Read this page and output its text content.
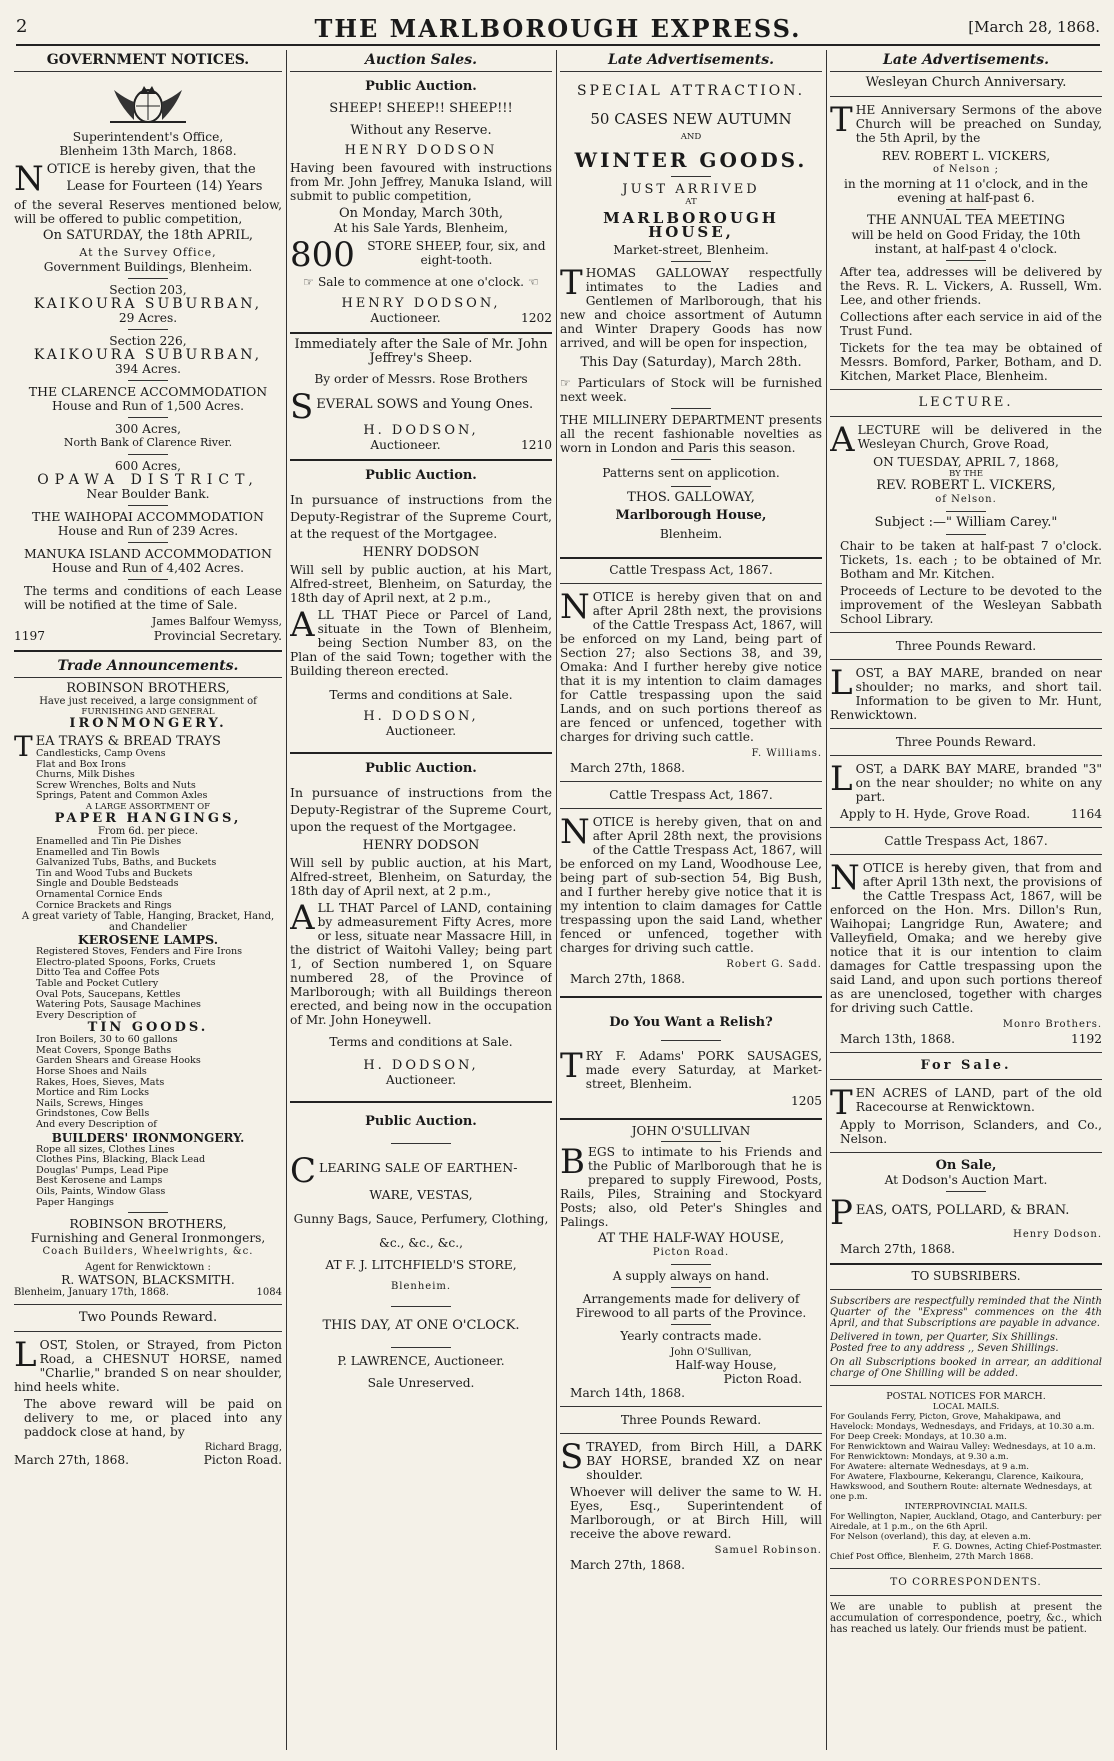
2	THE MARLBOROUGH EXPRESS.	[March 28, 1868.
GOVERNMENT NOTICES.
Superintendent's Office,
Blenheim 13th March, 1868.
N OTICE is hereby given, that the
Lease for Fourteen (14) Years
of the several Reserves mentioned below, will be offered to public competition,
On SATURDAY, the 18th APRIL,
At the Survey Office,
Government Buildings, Blenheim.
Section 203,
KAIKOURA SUBURBAN,
29 Acres.
Section 226,
KAIKOURA SUBURBAN,
394 Acres.
THE CLARENCE ACCOMMODATION
House and Run of 1,500 Acres.
300 Acres,
North Bank of Clarence River.
600 Acres,
OPAWA DISTRICT,
Near Boulder Bank.
THE WAIHOPAI ACCOMMODATION
House and Run of 239 Acres.
MANUKA ISLAND ACCOMMODATION
House and Run of 4,402 Acres.
The terms and conditions of each Lease will be notified at the time of Sale.
James Balfour Wemyss,
1197	Provincial Secretary.
Trade Announcements.
ROBINSON BROTHERS,
Have just received, a large consignment of
FURNISHING AND GENERAL
IRONMONGERY.
T EA TRAYS & BREAD TRAYS
Candlesticks, Camp Ovens
Flat and Box Irons
Churns, Milk Dishes
Screw Wrenches, Bolts and Nuts
Springs, Patent and Common Axles
A LARGE ASSORTMENT OF
PAPER HANGINGS,
From 6d. per piece.
Enamelled and Tin Pie Dishes
Enamelled and Tin Bowls
Galvanized Tubs, Baths, and Buckets
Tin and Wood Tubs and Buckets
Single and Double Bedsteads
Ornamental Cornice Ends
Cornice Brackets and Rings
A great variety of Table, Hanging, Bracket, Hand, and Chandelier
KEROSENE LAMPS.
Registered Stoves, Fenders and Fire Irons
Electro-plated Spoons, Forks, Cruets
Ditto Tea and Coffee Pots
Table and Pocket Cutlery
Oval Pots, Saucepans, Kettles
Watering Pots, Sausage Machines
Every Description of
TIN GOODS.
Iron Boilers, 30 to 60 gallons
Meat Covers, Sponge Baths
Garden Shears and Grease Hooks
Horse Shoes and Nails
Rakes, Hoes, Sieves, Mats
Mortice and Rim Locks
Nails, Screws, Hinges
Grindstones, Cow Bells
And every Description of
BUILDERS' IRONMONGERY.
Rope all sizes, Clothes Lines
Clothes Pins, Blacking, Black Lead
Douglas' Pumps, Lead Pipe
Best Kerosene and Lamps
Oils, Paints, Window Glass
Paper Hangings
ROBINSON BROTHERS,
Furnishing and General Ironmongers,
Coach Builders, Wheelwrights, &c.
Agent for Renwicktown :
R. WATSON, BLACKSMITH.
Blenheim, January 17th, 1868.	1084
Two Pounds Reward.
L OST, Stolen, or Strayed, from Picton Road, a CHESNUT HORSE, named "Charlie," branded S on near shoulder, hind heels white.
The above reward will be paid on delivery to me, or placed into any paddock close at hand, by
Richard Bragg,
March 27th, 1868.	Picton Road.
Auction Sales.
Public Auction.
SHEEP! SHEEP!! SHEEP!!!
Without any Reserve.
HENRY DODSON
Having been favoured with instructions from Mr. John Jeffrey, Manuka Island, will submit to public competition,
On Monday, March 30th,
At his Sale Yards, Blenheim,
800	STORE SHEEP, four, six, and eight-tooth.
☞ Sale to commence at one o'clock. ☜
HENRY DODSON,
Auctioneer.	1202
Immediately after the Sale of Mr. John Jeffrey's Sheep.
By order of Messrs. Rose Brothers
S EVERAL SOWS and Young Ones.
H. DODSON,
Auctioneer.	1210
Public Auction.
In pursuance of instructions from the Deputy-Registrar of the Supreme Court, at the request of the Mortgagee.
HENRY DODSON
Will sell by public auction, at his Mart, Alfred-street, Blenheim, on Saturday, the 18th day of April next, at 2 p.m.,
A LL THAT Piece or Parcel of Land, situate in the Town of Blenheim, being Section Number 83, on the Plan of the said Town; together with the Building thereon erected.
Terms and conditions at Sale.
H. DODSON,
Auctioneer.
Public Auction.
In pursuance of instructions from the Deputy-Registrar of the Supreme Court, upon the request of the Mortgagee.
HENRY DODSON
Will sell by public auction, at his Mart, Alfred-street, Blenheim, on Saturday, the 18th day of April next, at 2 p.m.,
A LL THAT Parcel of LAND, containing by admeasurement Fifty Acres, more or less, situate near Massacre Hill, in the district of Waitohi Valley; being part 1, of Section numbered 1, on Square numbered 28, of the Province of Marlborough; with all Buildings thereon erected, and being now in the occupation of Mr. John Honeywell.
Terms and conditions at Sale.
H. DODSON,
Auctioneer.
Public Auction.
C LEARING SALE OF EARTHEN-
WARE, VESTAS,
Gunny Bags, Sauce, Perfumery, Clothing,
&c., &c., &c.,
AT F. J. LITCHFIELD'S STORE,
Blenheim.
THIS DAY, AT ONE O'CLOCK.
P. LAWRENCE, Auctioneer.
Sale Unreserved.
Late Advertisements.
SPECIAL ATTRACTION.
50 CASES NEW AUTUMN
AND
WINTER GOODS.
JUST ARRIVED
AT
MARLBOROUGH HOUSE,
Market-street, Blenheim.
T HOMAS GALLOWAY respectfully intimates to the Ladies and Gentlemen of Marlborough, that his new and choice assortment of Autumn and Winter Drapery Goods has now arrived, and will be open for inspection,
This Day (Saturday), March 28th.
☞ Particulars of Stock will be furnished next week.
THE MILLINERY DEPARTMENT presents all the recent fashionable novelties as worn in London and Paris this season.
Patterns sent on applicotion.
THOS. GALLOWAY,
Marlborough House,
Blenheim.
Cattle Trespass Act, 1867.
N OTICE is hereby given that on and after April 28th next, the provisions of the Cattle Trespass Act, 1867, will be enforced on my Land, being part of Section 27; also Sections 38, and 39, Omaka: And I further hereby give notice that it is my intention to claim damages for Cattle trespassing upon the said Lands, and on such portions thereof as are fenced or unfenced, together with charges for driving such cattle.
F. Williams.
March 27th, 1868.
Cattle Trespass Act, 1867.
N OTICE is hereby given, that on and after April 28th next, the provisions of the Cattle Trespass Act, 1867, will be enforced on my Land, Woodhouse Lee, being part of sub-section 54, Big Bush, and I further hereby give notice that it is my intention to claim damages for Cattle trespassing upon the said Land, whether fenced or unfenced, together with charges for driving such cattle.
Robert G. Sadd.
March 27th, 1868.
Do You Want a Relish?
T RY F. Adams' PORK SAUSAGES, made every Saturday, at Market-street, Blenheim.
1205
JOHN O'SULLIVAN
B EGS to intimate to his Friends and the Public of Marlborough that he is prepared to supply Firewood, Posts, Rails, Piles, Straining and Stockyard Posts; also, old Peter's Shingles and Palings.
AT THE HALF-WAY HOUSE,
Picton Road.
A supply always on hand.
Arrangements made for delivery of Firewood to all parts of the Province.
Yearly contracts made.
John O'Sullivan,
Half-way House,
Picton Road.
March 14th, 1868.
Three Pounds Reward.
S TRAYED, from Birch Hill, a DARK BAY HORSE, branded XZ on near shoulder.
Whoever will deliver the same to W. H. Eyes, Esq., Superintendent of Marlborough, or at Birch Hill, will receive the above reward.
Samuel Robinson.
March 27th, 1868.
Late Advertisements.
Wesleyan Church Anniversary.
T HE Anniversary Sermons of the above Church will be preached on Sunday, the 5th April, by the
REV. ROBERT L. VICKERS,
of Nelson ;
in the morning at 11 o'clock, and in the evening at half-past 6.
THE ANNUAL TEA MEETING
will be held on Good Friday, the 10th instant, at half-past 4 o'clock.
After tea, addresses will be delivered by the Revs. R. L. Vickers, A. Russell, Wm. Lee, and other friends.
Collections after each service in aid of the Trust Fund.
Tickets for the tea may be obtained of Messrs. Bomford, Parker, Botham, and D. Kitchen, Market Place, Blenheim.
LECTURE.
A LECTURE will be delivered in the Wesleyan Church, Grove Road,
ON TUESDAY, APRIL 7, 1868,
BY THE
REV. ROBERT L. VICKERS,
of Nelson.
Subject :—" William Carey."
Chair to be taken at half-past 7 o'clock. Tickets, 1s. each ; to be obtained of Mr. Botham and Mr. Kitchen.
Proceeds of Lecture to be devoted to the improvement of the Wesleyan Sabbath School Library.
Three Pounds Reward.
L OST, a BAY MARE, branded on near shoulder; no marks, and short tail. Information to be given to Mr. Hunt, Renwicktown.
Three Pounds Reward.
L OST, a DARK BAY MARE, branded "3" on the near shoulder; no white on any part.
Apply to H. Hyde, Grove Road.	1164
Cattle Trespass Act, 1867.
N OTICE is hereby given, that from and after April 13th next, the provisions of the Cattle Trespass Act, 1867, will be enforced on the Hon. Mrs. Dillon's Run, Waihopai; Langridge Run, Awatere; and Valleyfield, Omaka; and we hereby give notice that it is our intention to claim damages for Cattle trespassing upon the said Land, and upon such portions thereof as are unenclosed, together with charges for driving such Cattle.
Monro Brothers.
March 13th, 1868.	1192
For Sale.
T EN ACRES of LAND, part of the old Racecourse at Renwicktown.
Apply to Morrison, Sclanders, and Co., Nelson.
On Sale,
At Dodson's Auction Mart.
P EAS, OATS, POLLARD, & BRAN.
Henry Dodson.
March 27th, 1868.
TO SUBSRIBERS.
Subscribers are respectfully reminded that the Ninth Quarter of the "Express" commences on the 4th April, and that Subscriptions are payable in advance.
Delivered in town, per Quarter, Six Shillings.
Posted free to any address ,, Seven Shillings.
On all Subscriptions booked in arrear, an additional charge of One Shilling will be added.
POSTAL NOTICES FOR MARCH.
LOCAL MAILS.
For Goulands Ferry, Picton, Grove, Mahakipawa, and Havelock: Mondays, Wednesdays, and Fridays, at 10.30 a.m.
For Deep Creek: Mondays, at 10.30 a.m.
For Renwicktown and Wairau Valley: Wednesdays, at 10 a.m.
For Renwicktown: Mondays, at 9.30 a.m.
For Awatere: alternate Wednesdays, at 9 a.m.
For Awatere, Flaxbourne, Kekerangu, Clarence, Kaikoura, Hawkswood, and Southern Route: alternate Wednesdays, at one p.m.
INTERPROVINCIAL MAILS.
For Wellington, Napier, Auckland, Otago, and Canterbury: per Airedale, at 1 p.m., on the 6th April.
For Nelson (overland), this day, at eleven a.m.
F. G. Downes, Acting Chief-Postmaster.
Chief Post Office, Blenheim, 27th March 1868.
TO CORRESPONDENTS.
We are unable to publish at present the accumulation of correspondence, poetry, &c., which has reached us lately. Our friends must be patient.
